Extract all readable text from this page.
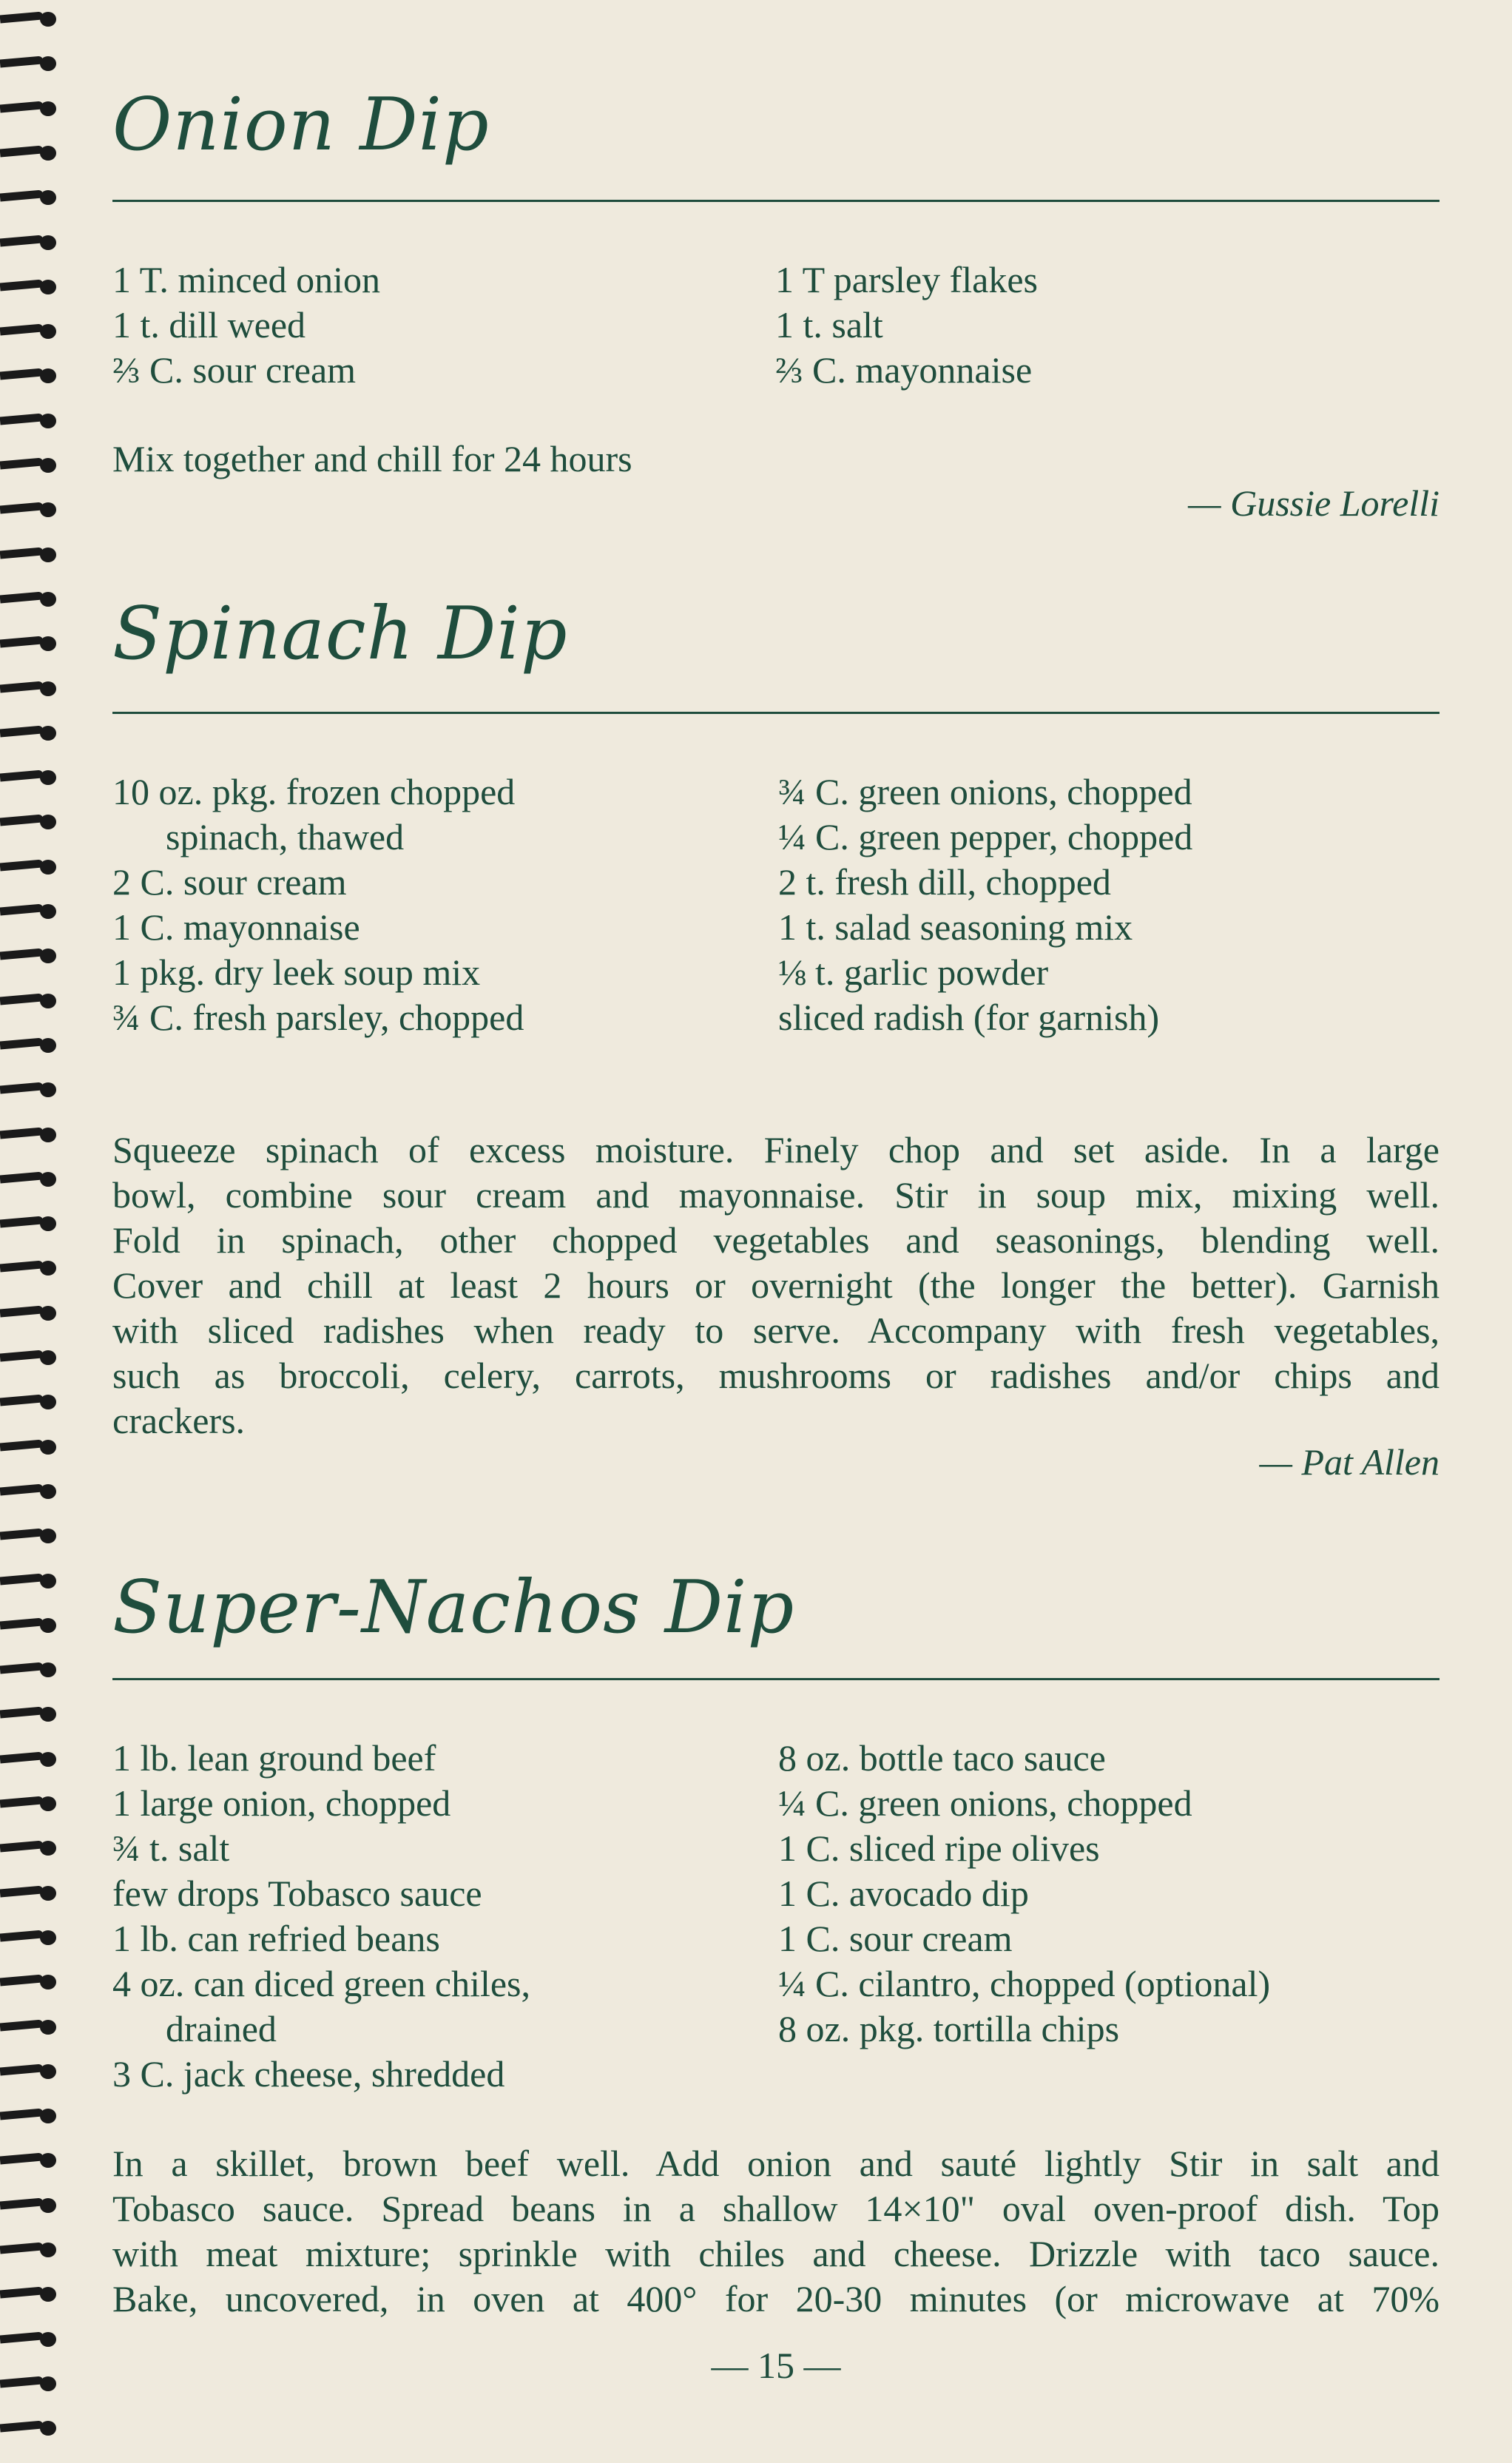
Onion Dip
1 T. minced onion
1 t. dill weed
⅔ C. sour cream
1 T parsley flakes
1 t. salt
⅔ C. mayonnaise
Mix together and chill for 24 hours
— Gussie Lorelli
Spinach Dip
10 oz. pkg. frozen chopped
spinach, thawed
2 C. sour cream
1 C. mayonnaise
1 pkg. dry leek soup mix
¾ C. fresh parsley, chopped
¾ C. green onions, chopped
¼ C. green pepper, chopped
2 t. fresh dill, chopped
1 t. salad seasoning mix
⅛ t. garlic powder
sliced radish (for garnish)
Squeeze spinach of excess moisture. Finely chop and set aside. In a large
bowl, combine sour cream and mayonnaise. Stir in soup mix, mixing well.
Fold in spinach, other chopped vegetables and seasonings, blending well.
Cover and chill at least 2 hours or overnight (the longer the better). Garnish
with sliced radishes when ready to serve. Accompany with fresh vegetables,
such as broccoli, celery, carrots, mushrooms or radishes and/or chips and
crackers.
— Pat Allen
Super-Nachos Dip
1 lb. lean ground beef
1 large onion, chopped
¾ t. salt
few drops Tobasco sauce
1 lb. can refried beans
4 oz. can diced green chiles,
drained
3 C. jack cheese, shredded
8 oz. bottle taco sauce
¼ C. green onions, chopped
1 C. sliced ripe olives
1 C. avocado dip
1 C. sour cream
¼ C. cilantro, chopped (optional)
8 oz. pkg. tortilla chips
In a skillet, brown beef well. Add onion and sauté lightly Stir in salt and
Tobasco sauce. Spread beans in a shallow 14×10" oval oven-proof dish. Top
with meat mixture; sprinkle with chiles and cheese. Drizzle with taco sauce.
Bake, uncovered, in oven at 400° for 20-30 minutes (or microwave at 70%
— 15 —
